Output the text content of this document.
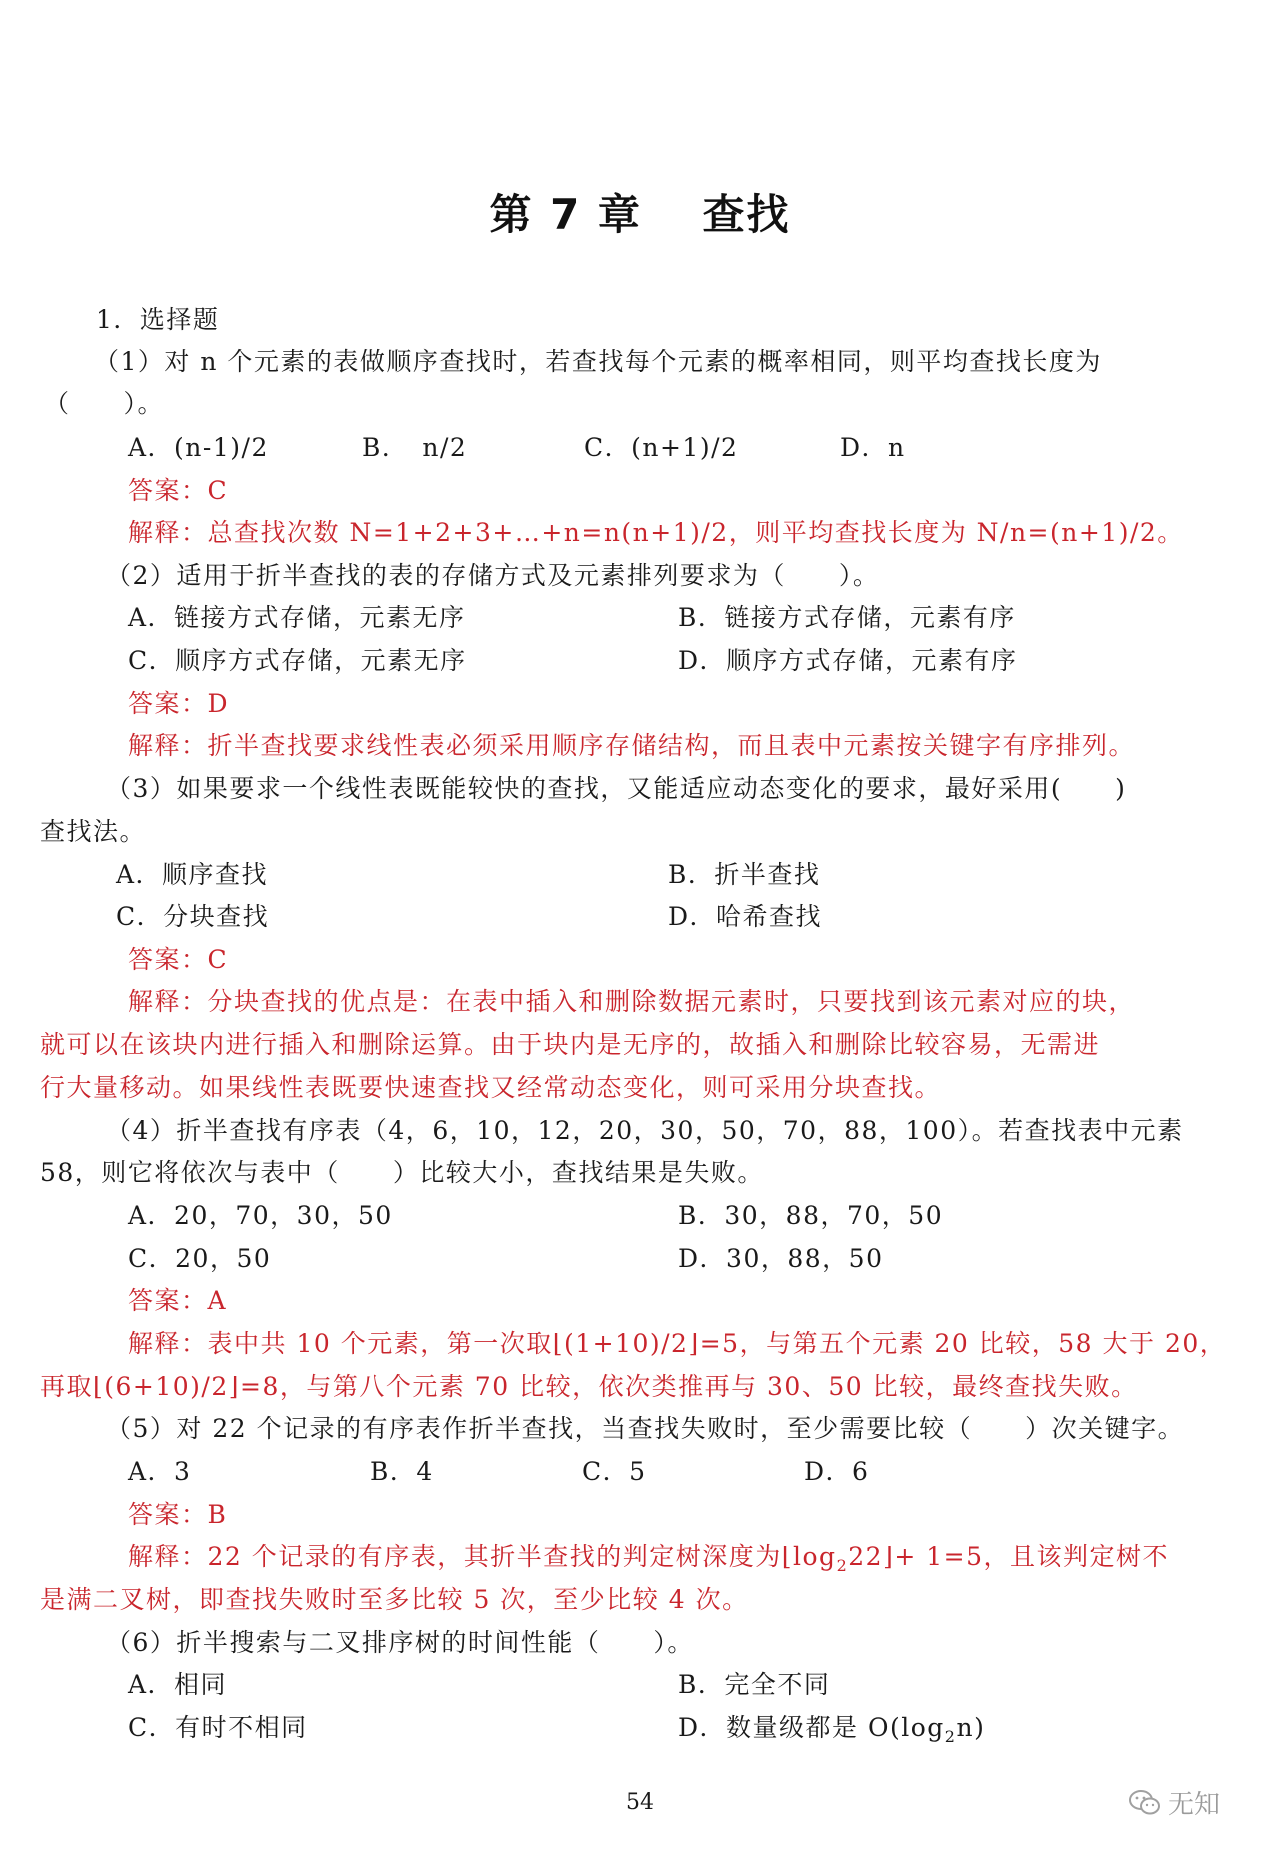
第 7 章　 查找
1．选择题
（1）对 n 个元素的表做顺序查找时，若查找每个元素的概率相同，则平均查找长度为
（　　）。
A．(n-1)/2	B．　n/2	C．(n+1)/2	D．n
答案：C
解释：总查找次数 N=1+2+3+…+n=n(n+1)/2，则平均查找长度为 N/n=(n+1)/2。
（2）适用于折半查找的表的存储方式及元素排列要求为（　　）。
A．链接方式存储，元素无序	B．链接方式存储，元素有序
C．顺序方式存储，元素无序	D．顺序方式存储，元素有序
答案：D
解释：折半查找要求线性表必须采用顺序存储结构，而且表中元素按关键字有序排列。
（3）如果要求一个线性表既能较快的查找，又能适应动态变化的要求，最好采用(　　)
查找法。
A．顺序查找	B．折半查找
C．分块查找	D．哈希查找
答案：C
解释：分块查找的优点是：在表中插入和删除数据元素时，只要找到该元素对应的块，
就可以在该块内进行插入和删除运算。由于块内是无序的，故插入和删除比较容易，无需进
行大量移动。如果线性表既要快速查找又经常动态变化，则可采用分块查找。
（4）折半查找有序表（4，6，10，12，20，30，50，70，88，100）。若查找表中元素
58，则它将依次与表中（　　）比较大小，查找结果是失败。
A．20，70，30，50	B．30，88，70，50
C．20，50	D．30，88，50
答案：A
解释：表中共 10 个元素，第一次取⌊(1+10)/2⌋=5，与第五个元素 20 比较，58 大于 20，
再取⌊(6+10)/2⌋=8，与第八个元素 70 比较，依次类推再与 30、50 比较，最终查找失败。
（5）对 22 个记录的有序表作折半查找，当查找失败时，至少需要比较（　　）次关键字。
A．3	B．4	C．5	D．6
答案：B
解释：22 个记录的有序表，其折半查找的判定树深度为$⌊\log_222⌋+ 1=5$，且该判定树不
是满二叉树，即查找失败时至多比较 5 次，至少比较 4 次。
（6）折半搜索与二叉排序树的时间性能（　　）。
A．相同	B．完全不同
C．有时不相同	D．数量级都是 $O(\log_2n)$
54	无知
